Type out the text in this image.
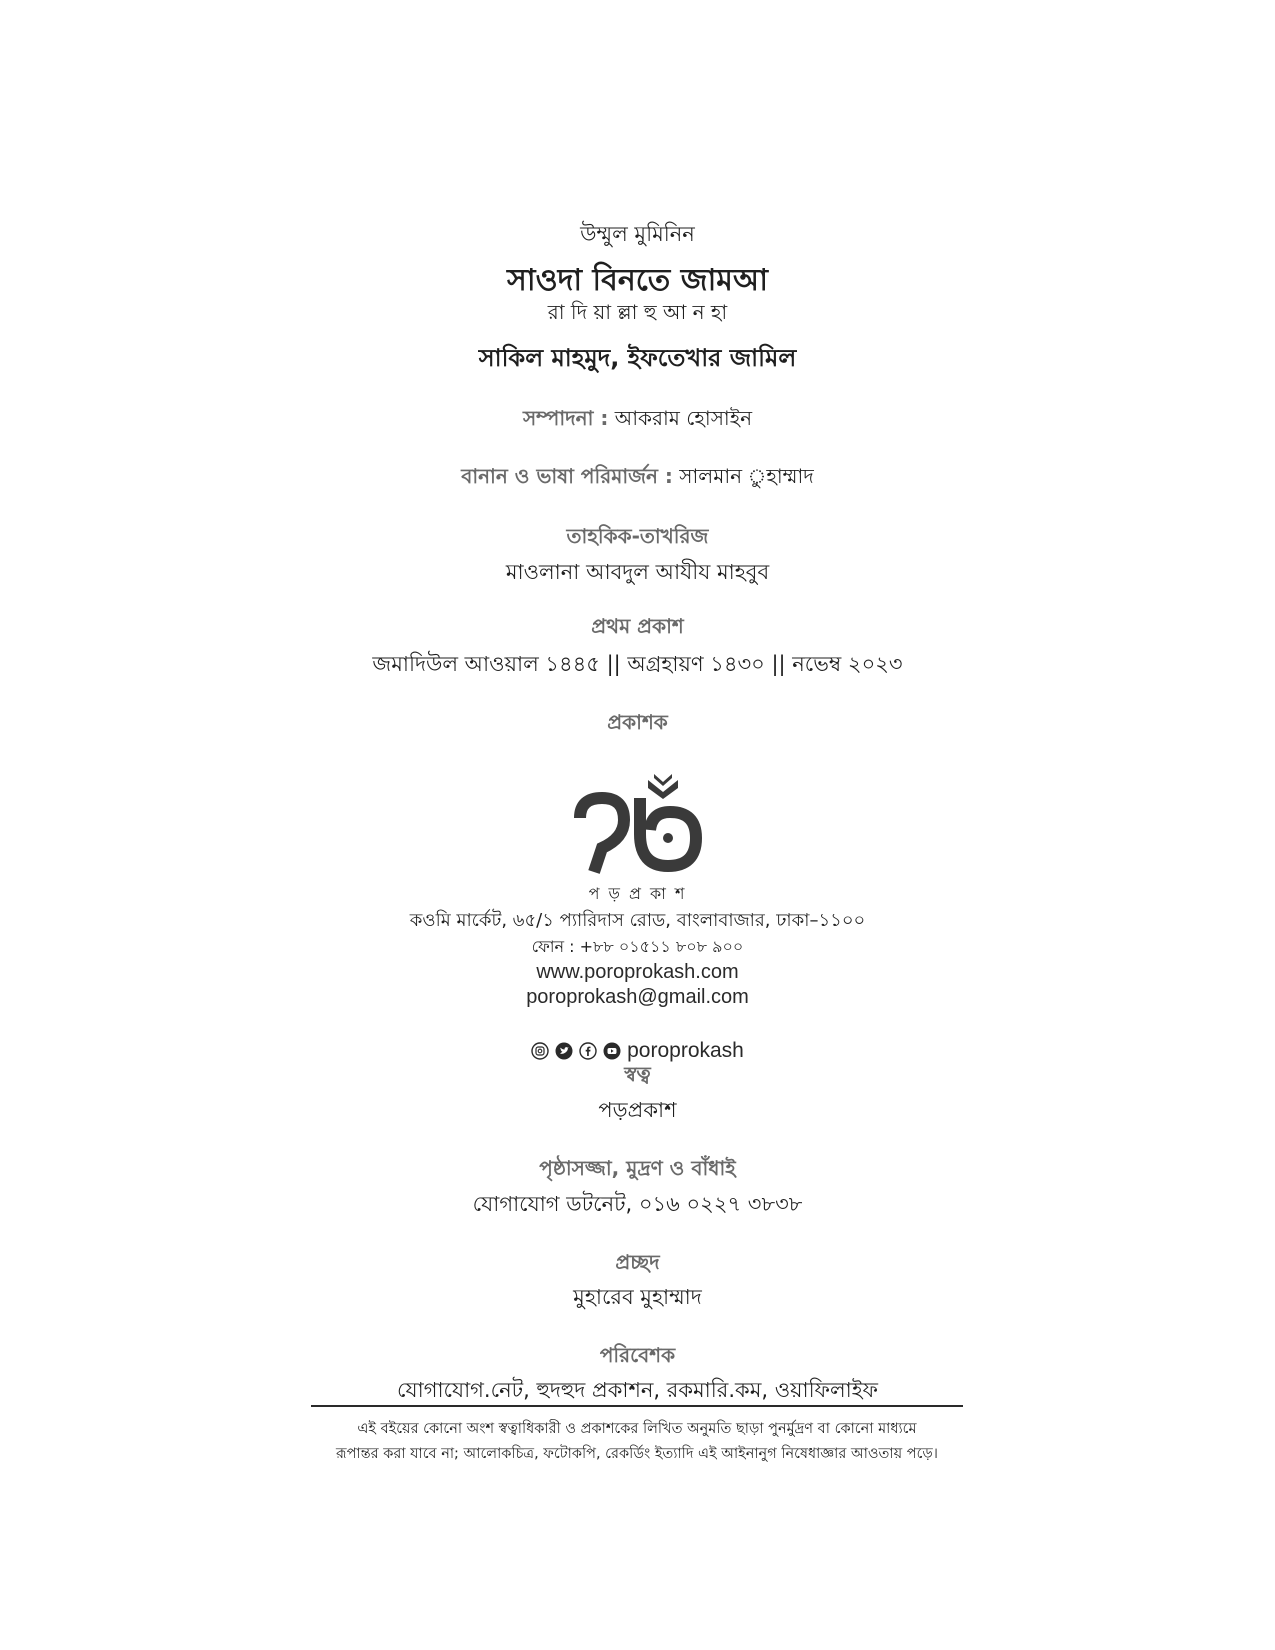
উম্মুল মুমিনিন
সাওদা বিনতে জামআ
রা দি য়া ল্লা হু আ ন হা
সাকিল মাহমুদ, ইফতেখার জামিল
সম্পাদনা : আকরাম হোসাইন
বানান ও ভাষা পরিমার্জন : সালমান ুহাম্মাদ
তাহকিক-তাখরিজ
মাওলানা আবদুল আযীয মাহবুব
প্রথম প্রকাশ
জমাদিউল আওয়াল ১৪৪৫ || অগ্রহায়ণ ১৪৩০ || নভেম্ব ২০২৩
প্রকাশক
প ড় প্র কা শ
কওমি মার্কেট, ৬৫/১ প্যারিদাস রোড, বাংলাবাজার, ঢাকা–১১০০
ফোন : +৮৮ ০১৫১১ ৮০৮ ৯০০
www.poroprokash.com
poroprokash@gmail.com
poroprokash
স্বত্ব
পড়প্রকাশ
পৃষ্ঠাসজ্জা, মুদ্রণ ও বাঁধাই
যোগাযোগ ডটনেট, ০১৬ ০২২৭ ৩৮৩৮
প্রচ্ছদ
মুহারেব মুহাম্মাদ
পরিবেশক
যোগাযোগ.নেট, হুদহুদ প্রকাশন, রকমারি.কম, ওয়াফিলাইফ
এই বইয়ের কোনো অংশ স্বত্বাধিকারী ও প্রকাশকের লিখিত অনুমতি ছাড়া পুনর্মুদ্রণ বা কোনো মাধ্যমে
রূপান্তর করা যাবে না; আলোকচিত্র, ফটোকপি, রেকর্ডিং ইত্যাদি এই আইনানুগ নিষেধাজ্ঞার আওতায় পড়ে।
